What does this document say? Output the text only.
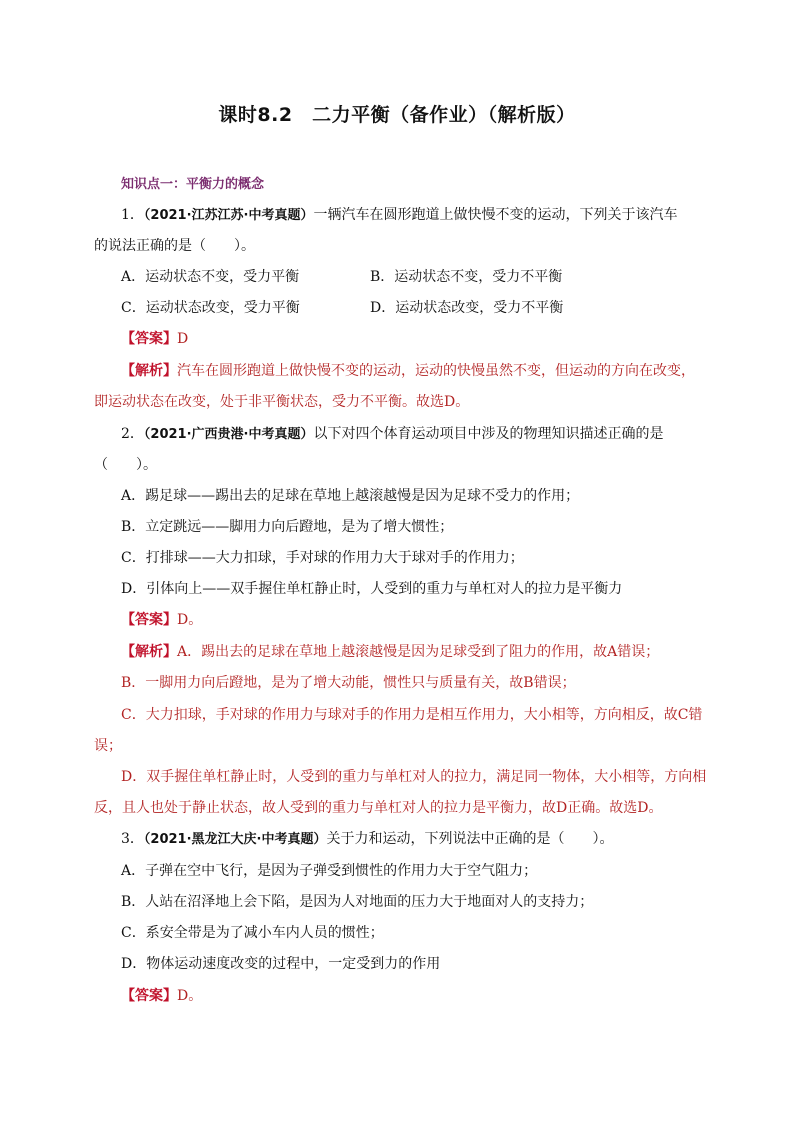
课时8.2　二力平衡（备作业）（解析版）
知识点一：平衡力的概念
1．（2021·江苏江苏·中考真题）一辆汽车在圆形跑道上做快慢不变的运动，下列关于该汽车
的说法正确的是（　　）。
A．运动状态不变，受力平衡	B．运动状态不变，受力不平衡
C．运动状态改变，受力平衡	D．运动状态改变，受力不平衡
【答案】D
【解析】汽车在圆形跑道上做快慢不变的运动，运动的快慢虽然不变，但运动的方向在改变，
即运动状态在改变，处于非平衡状态，受力不平衡。故选D。
2．（2021·广西贵港·中考真题）以下对四个体育运动项目中涉及的物理知识描述正确的是
（　　）。
A．踢足球——踢出去的足球在草地上越滚越慢是因为足球不受力的作用；
B．立定跳远——脚用力向后蹬地，是为了增大惯性；
C．打排球——大力扣球，手对球的作用力大于球对手的作用力；
D．引体向上——双手握住单杠静止时，人受到的重力与单杠对人的拉力是平衡力
【答案】D。
【解析】A．踢出去的足球在草地上越滚越慢是因为足球受到了阻力的作用，故A错误；
B．一脚用力向后蹬地，是为了增大动能，惯性只与质量有关，故B错误；
C．大力扣球，手对球的作用力与球对手的作用力是相互作用力，大小相等，方向相反，故C错
误；
D．双手握住单杠静止时，人受到的重力与单杠对人的拉力，满足同一物体，大小相等，方向相
反，且人也处于静止状态，故人受到的重力与单杠对人的拉力是平衡力，故D正确。故选D。
3．（2021·黑龙江大庆·中考真题）关于力和运动，下列说法中正确的是（　　）。
A．子弹在空中飞行，是因为子弹受到惯性的作用力大于空气阻力；
B．人站在沼泽地上会下陷，是因为人对地面的压力大于地面对人的支持力；
C．系安全带是为了减小车内人员的惯性；
D．物体运动速度改变的过程中，一定受到力的作用
【答案】D。
